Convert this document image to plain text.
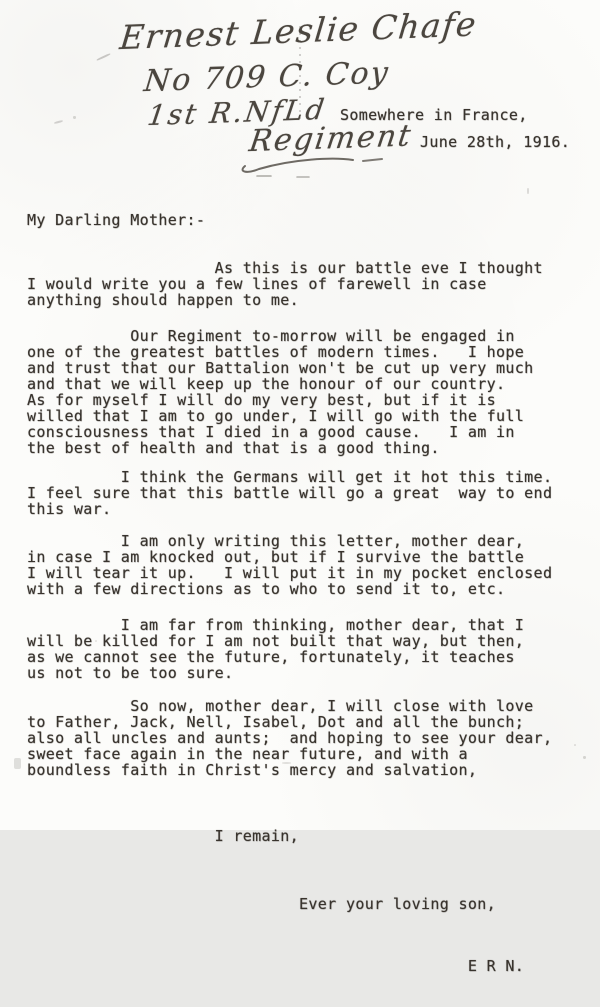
Ernest Leslie Chafe
No 709 C. Coy
1st R.NfLd Somewhere in France,
Regiment June 28th, 1916.

My Darling Mother:-

As this is our battle eve I thought
I would write you a few lines of farewell in case
anything should happen to me.
Our Regiment to-morrow will be engaged in
one of the greatest battles of modern times.   I hope
and trust that our Battalion won't be cut up very much
and that we will keep up the honour of our country.
As for myself I will do my very best, but if it is
willed that I am to go under, I will go with the full
consciousness that I died in a good cause.   I am in
the best of health and that is a good thing.
I think the Germans will get it hot this time.
I feel sure that this battle will go a great  way to end
this war.
I am only writing this letter, mother dear,
in case I am knocked out, but if I survive the battle
I will tear it up.   I will put it in my pocket enclosed
with a few directions as to who to send it to, etc.
I am far from thinking, mother dear, that I
will be killed for I am not built that way, but then,
as we cannot see the future, fortunately, it teaches
us not to be too sure.
So now, mother dear, I will close with love
to Father, Jack, Nell, Isabel, Dot and all the bunch;
also all uncles and aunts;  and hoping to see your dear,
sweet face again in the near future, and with a
boundless faith in Christ's mercy and salvation,

I remain,

Ever your loving son,

E R N.
